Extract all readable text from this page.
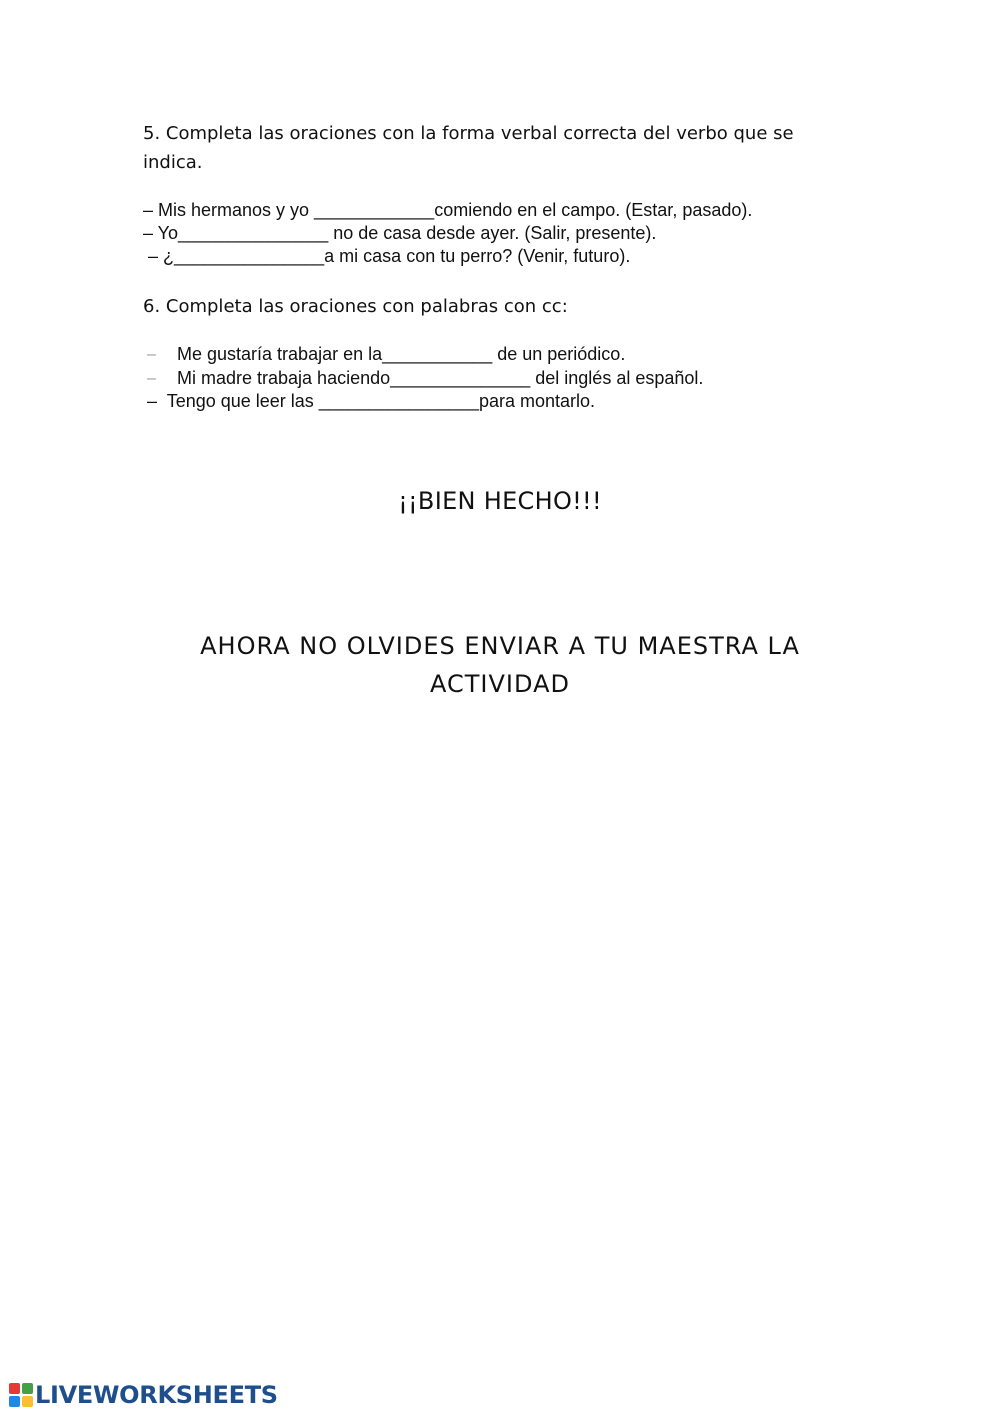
5. Completa las oraciones con la forma verbal correcta del verbo que se
indica.
– Mis hermanos y yo ____________comiendo en el campo. (Estar, pasado).
– Yo_______________ no de casa desde ayer. (Salir, presente).
– ¿_______________a mi casa con tu perro? (Venir, futuro).
6. Completa las oraciones con palabras con cc:
– Me gustaría trabajar en la___________ de un periódico.
– Mi madre trabaja haciendo______________ del inglés al español.
–  Tengo que leer las ________________para montarlo.
¡¡BIEN HECHO!!!
AHORA NO OLVIDES ENVIAR A TU MAESTRA LA
ACTIVIDAD
LIVEWORKSHEETS
